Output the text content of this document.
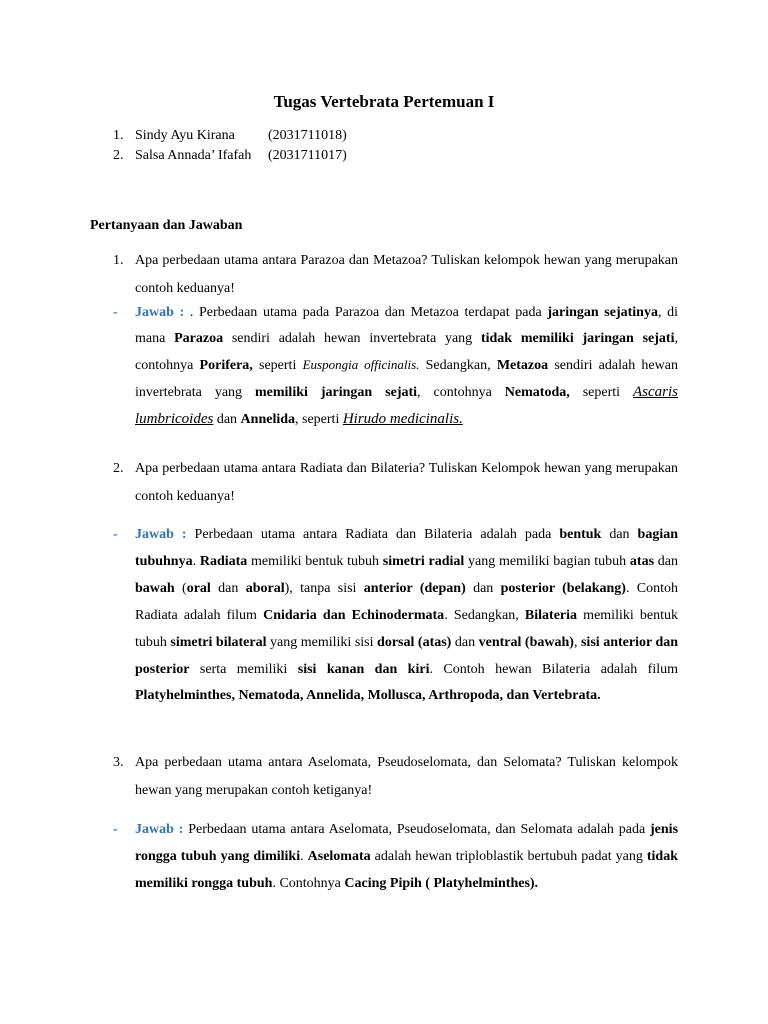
Tugas Vertebrata Pertemuan I
1. Sindy Ayu Kirana	(2031711018)
2. Salsa Annada’ Ifafah	(2031711017)
Pertanyaan dan Jawaban
1. Apa perbedaan utama antara Parazoa dan Metazoa? Tuliskan kelompok hewan yang merupakan contoh keduanya!
- Jawab : . Perbedaan utama pada Parazoa dan Metazoa terdapat pada jaringan sejatinya, di mana Parazoa sendiri adalah hewan invertebrata yang tidak memiliki jaringan sejati, contohnya Porifera, seperti Euspongia officinalis. Sedangkan, Metazoa sendiri adalah hewan invertebrata yang memiliki jaringan sejati, contohnya Nematoda, seperti Ascaris lumbricoides dan Annelida, seperti Hirudo medicinalis.
2. Apa perbedaan utama antara Radiata dan Bilateria? Tuliskan Kelompok hewan yang merupakan contoh keduanya!
- Jawab : Perbedaan utama antara Radiata dan Bilateria adalah pada bentuk dan bagian tubuhnya. Radiata memiliki bentuk tubuh simetri radial yang memiliki bagian tubuh atas dan bawah (oral dan aboral), tanpa sisi anterior (depan) dan posterior (belakang). Contoh Radiata adalah filum Cnidaria dan Echinodermata. Sedangkan, Bilateria memiliki bentuk tubuh simetri bilateral yang memiliki sisi dorsal (atas) dan ventral (bawah), sisi anterior dan posterior serta memiliki sisi kanan dan kiri. Contoh hewan Bilateria adalah filum Platyhelminthes, Nematoda, Annelida, Mollusca, Arthropoda, dan Vertebrata.
3. Apa perbedaan utama antara Aselomata, Pseudoselomata, dan Selomata? Tuliskan kelompok hewan yang merupakan contoh ketiganya!
- Jawab : Perbedaan utama antara Aselomata, Pseudoselomata, dan Selomata adalah pada jenis rongga tubuh yang dimiliki. Aselomata adalah hewan triploblastik bertubuh padat yang tidak memiliki rongga tubuh. Contohnya Cacing Pipih ( Platyhelminthes).
